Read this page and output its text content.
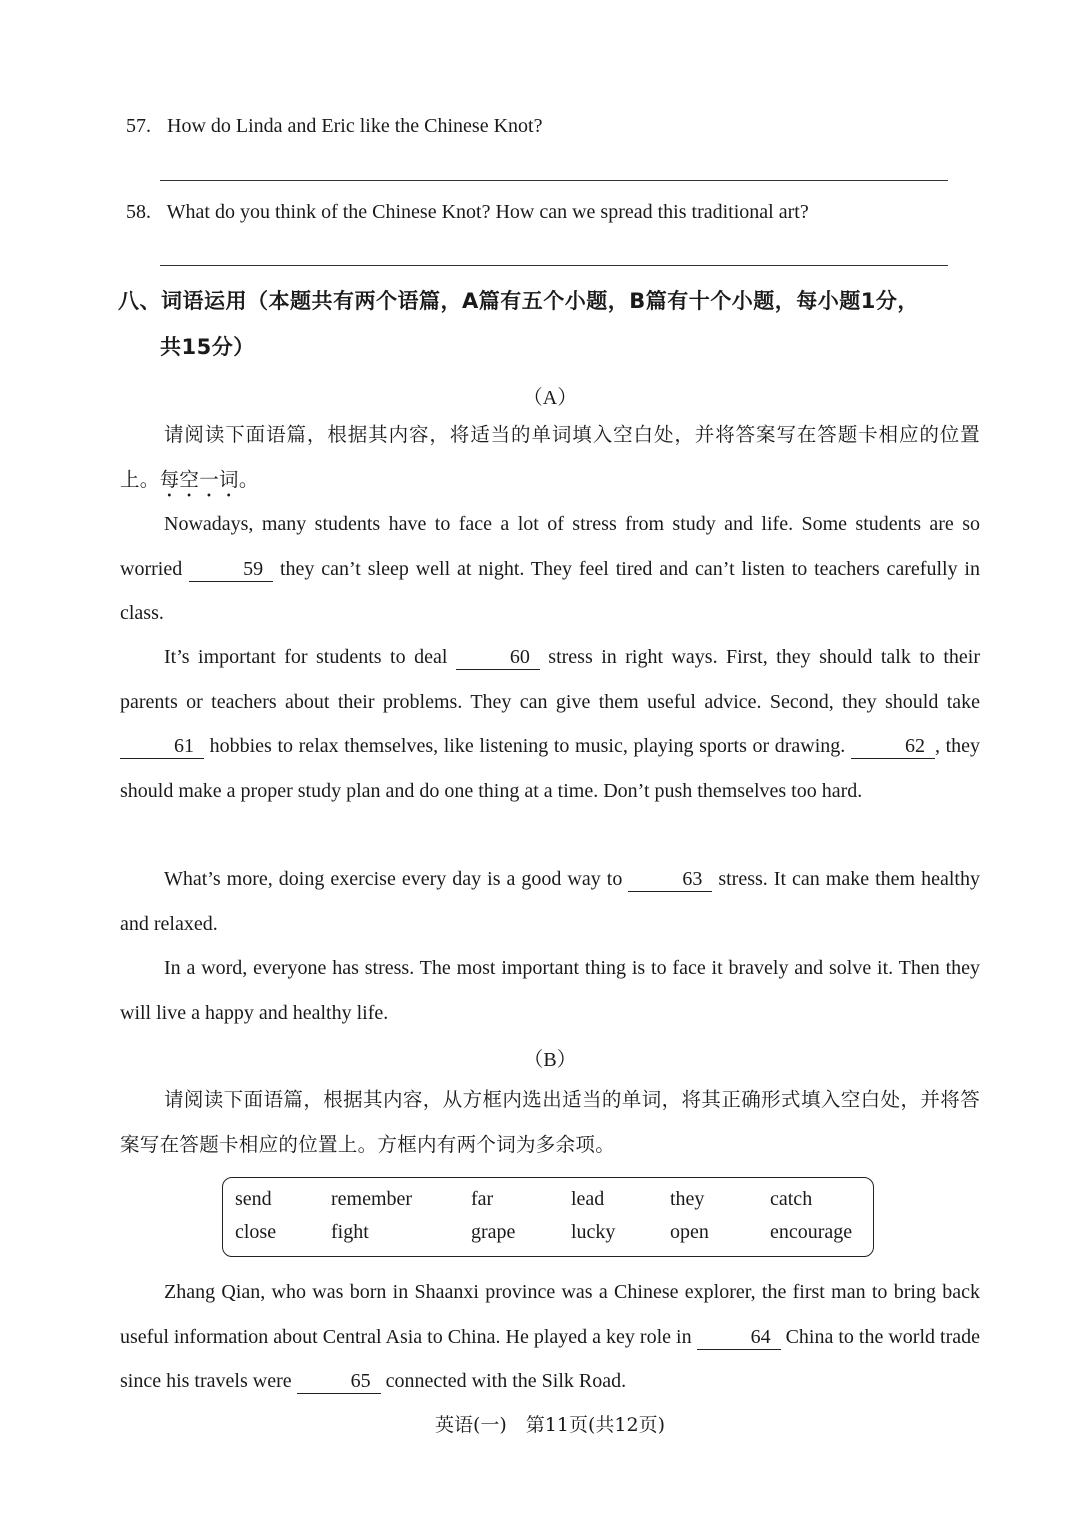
57. How do Linda and Eric like the Chinese Knot?
58. What do you think of the Chinese Knot? How can we spread this traditional art?
八、词语运用（本题共有两个语篇，A篇有五个小题，B篇有十个小题，每小题1分，
共15分）
（A）
请阅读下面语篇，根据其内容，将适当的单词填入空白处，并将答案写在答题卡相应的位置上。每空一词。
Nowadays, many students have to face a lot of stress from study and life. Some students are so worried	59 they can’t sleep well at night. They feel tired and can’t listen to teachers carefully in class.
It’s important for students to deal	60 stress in right ways. First, they should talk to their parents or teachers about their problems. They can give them useful advice. Second, they should take 61 hobbies to relax themselves, like listening to music, playing sports or drawing.	62 , they should make a proper study plan and do one thing at a time. Don’t push themselves too hard.
What’s more, doing exercise every day is a good way to	63 stress. It can make them healthy and relaxed.
In a word, everyone has stress. The most important thing is to face it bravely and solve it. Then they will live a happy and healthy life.
（B）
请阅读下面语篇，根据其内容，从方框内选出适当的单词，将其正确形式填入空白处，并将答案写在答题卡相应的位置上。方框内有两个词为多余项。
send	remember	far	lead	they	catch
close	fight	grape	lucky	open	encourage
Zhang Qian, who was born in Shaanxi province was a Chinese explorer, the first man to bring back useful information about Central Asia to China. He played a key role in	64 China to the world trade since his travels were	65 connected with the Silk Road.
英语(一)　第11页(共12页)
